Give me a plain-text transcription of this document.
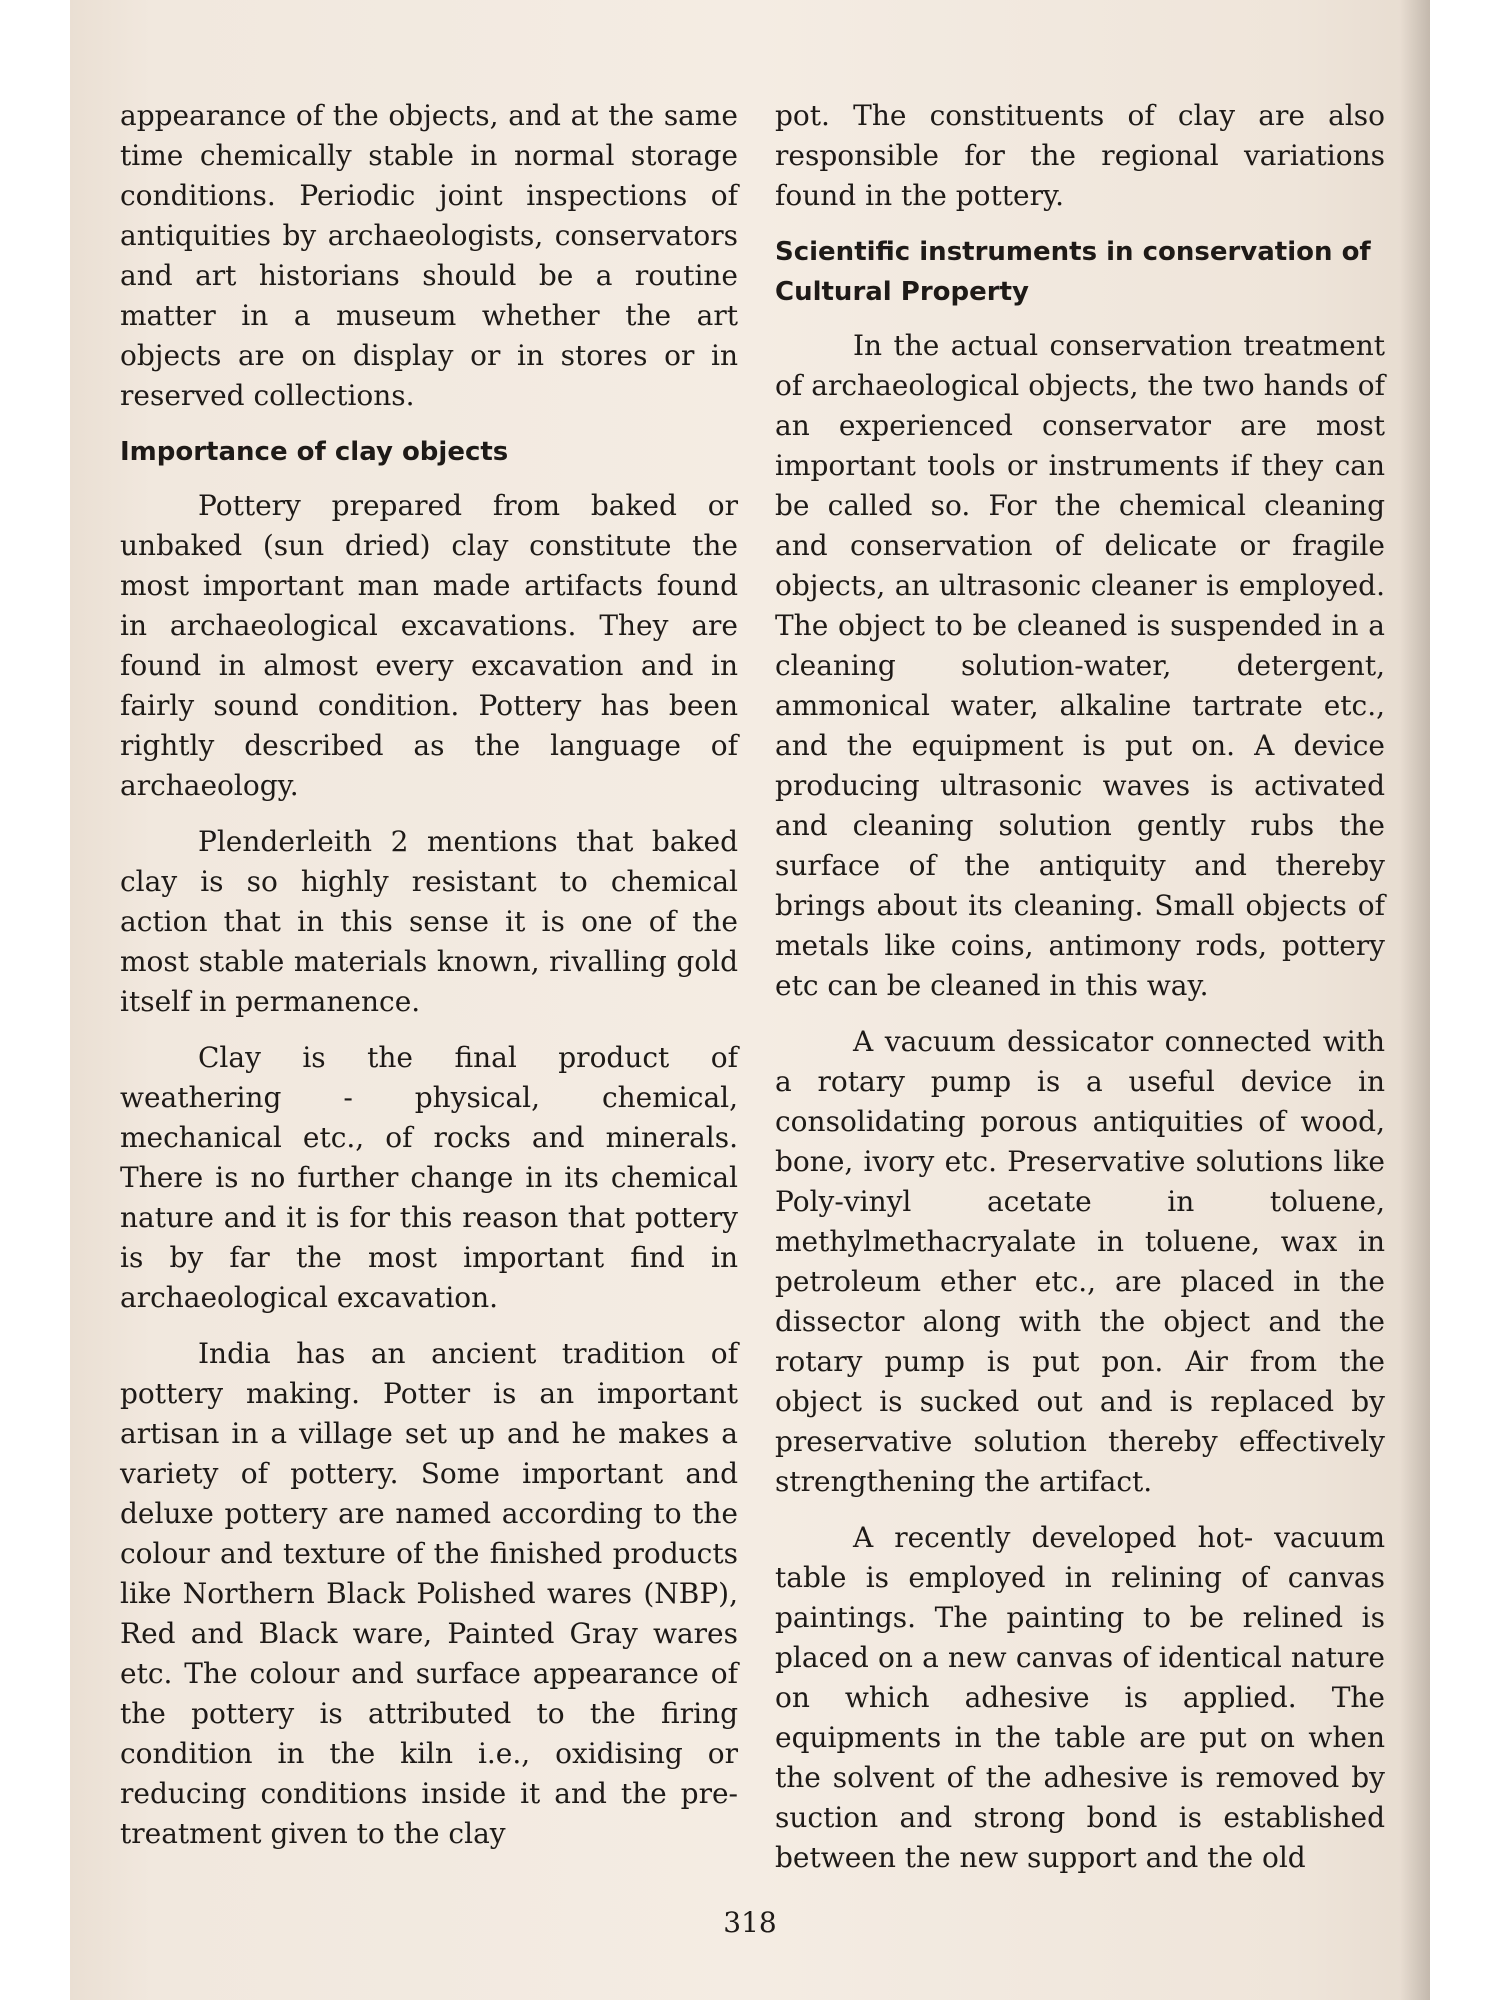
appearance of the objects, and at the same time chemically stable in normal storage conditions. Periodic joint inspections of antiquities by archaeologists, conservators and art historians should be a routine matter in a museum whether the art objects are on display or in stores or in reserved collections.

Importance of clay objects

Pottery prepared from baked or unbaked (sun dried) clay constitute the most important man made artifacts found in archaeological excavations. They are found in almost every excavation and in fairly sound condition. Pottery has been rightly described as the language of archaeology.

Plenderleith 2 mentions that baked clay is so highly resistant to chemical action that in this sense it is one of the most stable materials known, rivalling gold itself in permanence.

Clay is the final product of weathering - physical, chemical, mechanical etc., of rocks and minerals. There is no further change in its chemical nature and it is for this reason that pottery is by far the most important find in archaeological excavation.

India has an ancient tradition of pottery making. Potter is an important artisan in a village set up and he makes a variety of pottery. Some important and deluxe pottery are named according to the colour and texture of the finished products like Northern Black Polished wares (NBP), Red and Black ware, Painted Gray wares etc. The colour and surface appearance of the pottery is attributed to the firing condition in the kiln i.e., oxidising or reducing conditions inside it and the pre-treatment given to the clay

pot. The constituents of clay are also responsible for the regional variations found in the pottery.

Scientific instruments in conservation of Cultural Property

In the actual conservation treatment of archaeological objects, the two hands of an experienced conservator are most important tools or instruments if they can be called so. For the chemical cleaning and conservation of delicate or fragile objects, an ultrasonic cleaner is employed. The object to be cleaned is suspended in a cleaning solution-water, detergent, ammonical water, alkaline tartrate etc., and the equipment is put on. A device producing ultrasonic waves is activated and cleaning solution gently rubs the surface of the antiquity and thereby brings about its cleaning. Small objects of metals like coins, antimony rods, pottery etc can be cleaned in this way.

A vacuum dessicator connected with a rotary pump is a useful device in consolidating porous antiquities of wood, bone, ivory etc. Preservative solutions like Poly-vinyl acetate in toluene, methylmethacryalate in toluene, wax in petroleum ether etc., are placed in the dissector along with the object and the rotary pump is put pon. Air from the object is sucked out and is replaced by preservative solution thereby effectively strengthening the artifact.

A recently developed hot- vacuum table is employed in relining of canvas paintings. The painting to be relined is placed on a new canvas of identical nature on which adhesive is applied. The equipments in the table are put on when the solvent of the adhesive is removed by suction and strong bond is established between the new support and the old

318
